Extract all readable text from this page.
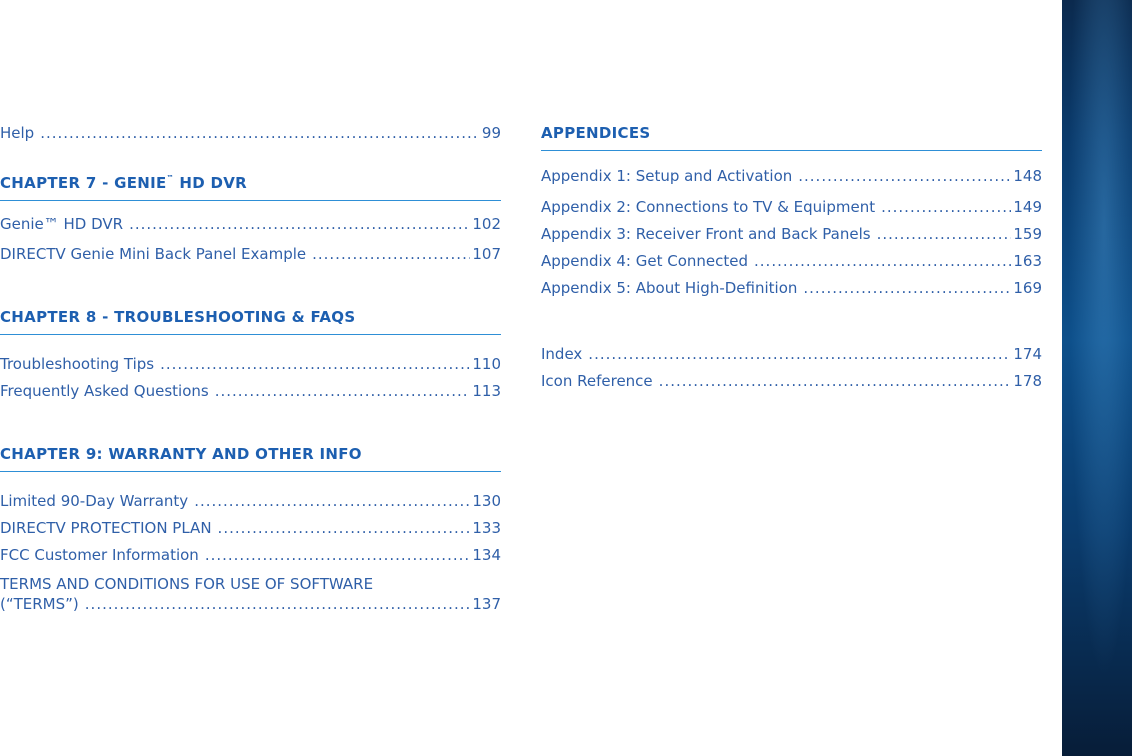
Help .....	99
CHAPTER 7 - GENIE™ HD DVR
Genie™ HD DVR .....	102
DIRECTV Genie Mini Back Panel Example .....	107
CHAPTER 8 - TROUBLESHOOTING & FAQS
Troubleshooting Tips .....	110
Frequently Asked Questions .....	113
CHAPTER 9: WARRANTY AND OTHER INFO
Limited 90-Day Warranty .....	130
DIRECTV PROTECTION PLAN .....	133
FCC Customer Information .....	134
TERMS AND CONDITIONS FOR USE OF SOFTWARE
(“TERMS”) .....	137
APPENDICES
Appendix 1: Setup and Activation .....	148
Appendix 2: Connections to TV & Equipment .....	149
Appendix 3: Receiver Front and Back Panels .....	159
Appendix 4: Get Connected .....	163
Appendix 5: About High-Definition .....	169
Index .....	174
Icon Reference .....	178
